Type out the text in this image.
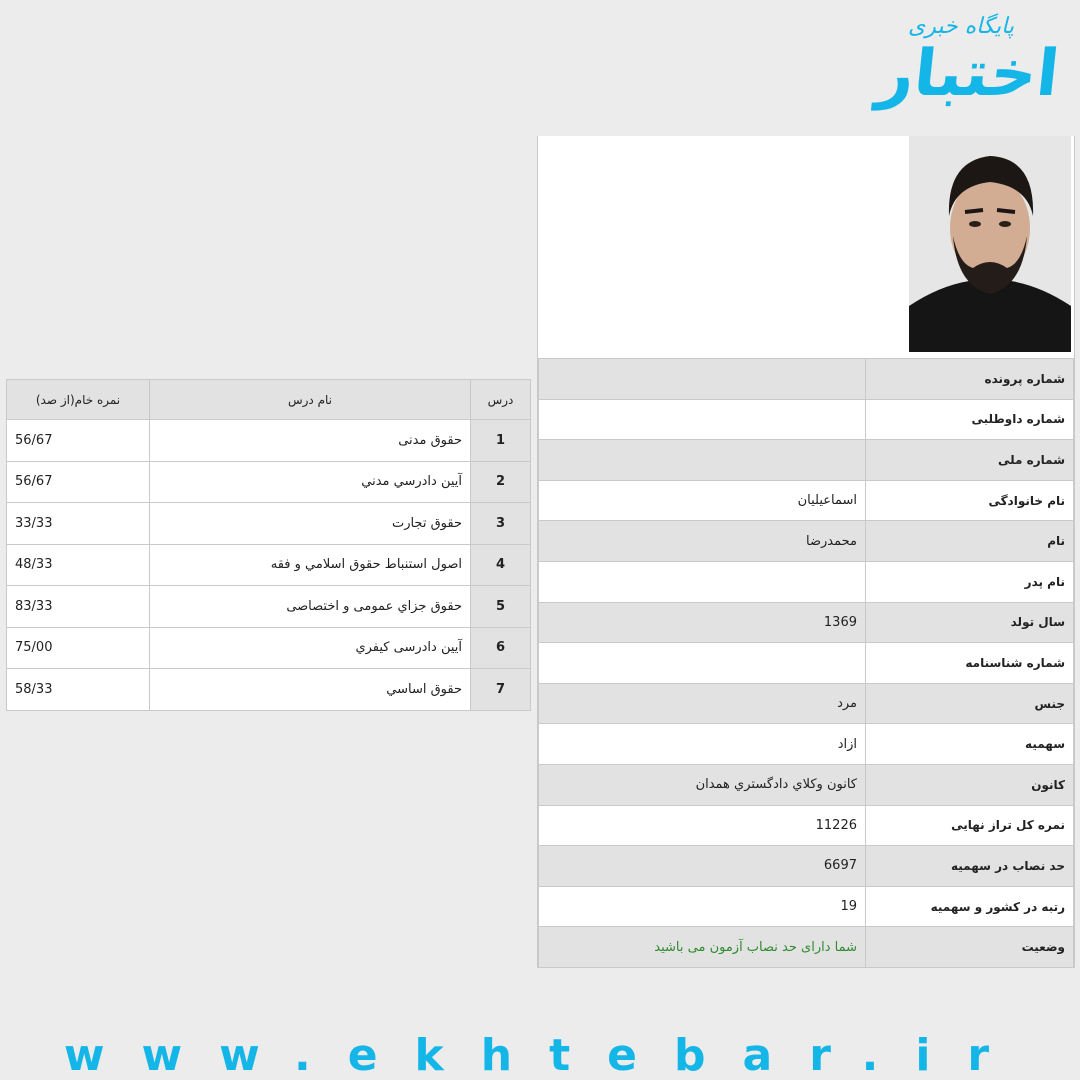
پایگاه خبری
اختبار
شماره پرونده	
شماره داوطلبی	
شماره ملی	
نام خانوادگی	اسماعیلیان
نام	محمدرضا
نام پدر	
سال تولد	1369
شماره شناسنامه	
جنس	مرد
سهمیه	ازاد
کانون	كانون وكلاي دادگستري همدان
نمره کل تراز نهایی	11226
حد نصاب در سهمیه	6697
رتبه در کشور و سهمیه	19
وضعیت	شما دارای حد نصاب آزمون می باشید
درس	نام درس	نمره خام(از صد)
1	حقوق مدنی	56/67
2	آيين دادرسي مدني	56/67
3	حقوق تجارت	33/33
4	اصول استنباط حقوق اسلامي و فقه	48/33
5	حقوق جزاي عمومی و اختصاصی	83/33
6	آيين دادرسی کيفري	75/00
7	حقوق اساسي	58/33
www.ekhtebar.ir
